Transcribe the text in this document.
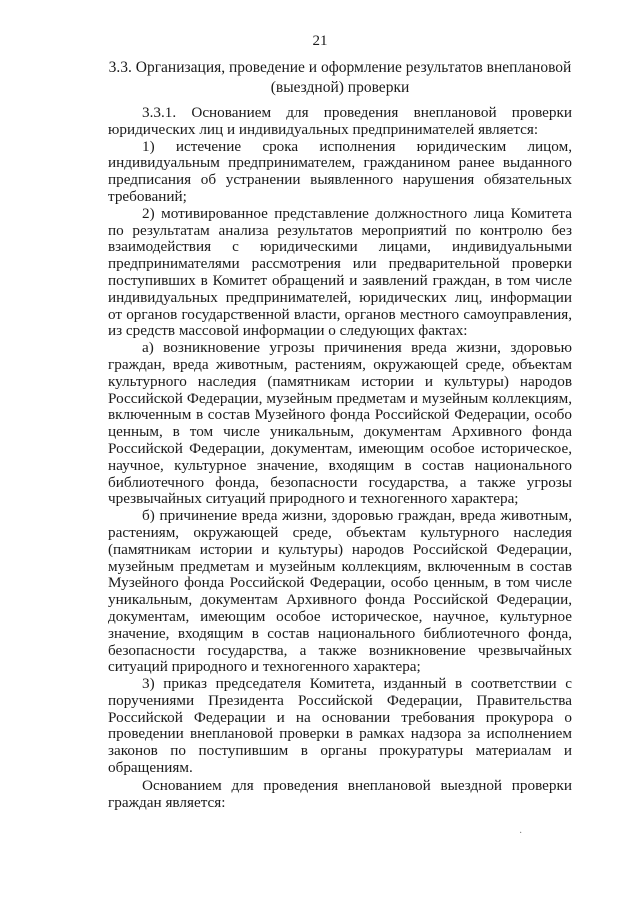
21
3.3. Организация, проведение и оформление результатов внеплановой
(выездной) проверки

3.3.1. Основанием для проведения внеплановой проверки юридических лиц и индивидуальных предпринимателей является:

1) истечение срока исполнения юридическим лицом, индивидуальным предпринимателем, гражданином ранее выданного предписания об устранении выявленного нарушения обязательных требований;

2) мотивированное представление должностного лица Комитета по результатам анализа результатов мероприятий по контролю без взаимодействия с юридическими лицами, индивидуальными предпринимателями рассмотрения или предварительной проверки поступивших в Комитет обращений и заявлений граждан, в том числе индивидуальных предпринимателей, юридических лиц, информации от органов государственной власти, органов местного самоуправления, из средств массовой информации о следующих фактах:

а) возникновение угрозы причинения вреда жизни, здоровью граждан, вреда животным, растениям, окружающей среде, объектам культурного наследия (памятникам истории и культуры) народов Российской Федерации, музейным предметам и музейным коллекциям, включенным в состав Музейного фонда Российской Федерации, особо ценным, в том числе уникальным, документам Архивного фонда Российской Федерации, документам, имеющим особое историческое, научное, культурное значение, входящим в состав национального библиотечного фонда, безопасности государства, а также угрозы чрезвычайных ситуаций природного и техногенного характера;

б) причинение вреда жизни, здоровью граждан, вреда животным, растениям, окружающей среде, объектам культурного наследия (памятникам истории и культуры) народов Российской Федерации, музейным предметам и музейным коллекциям, включенным в состав Музейного фонда Российской Федерации, особо ценным, в том числе уникальным, документам Архивного фонда Российской Федерации, документам, имеющим особое историческое, научное, культурное значение, входящим в состав национального библиотечного фонда, безопасности государства, а также возникновение чрезвычайных ситуаций природного и техногенного характера;

3) приказ председателя Комитета, изданный в соответствии с поручениями Президента Российской Федерации, Правительства Российской Федерации и на основании требования прокурора о проведении внеплановой проверки в рамках надзора за исполнением законов по поступившим в органы прокуратуры материалам и обращениям.

Основанием для проведения внеплановой выездной проверки граждан является:

·
